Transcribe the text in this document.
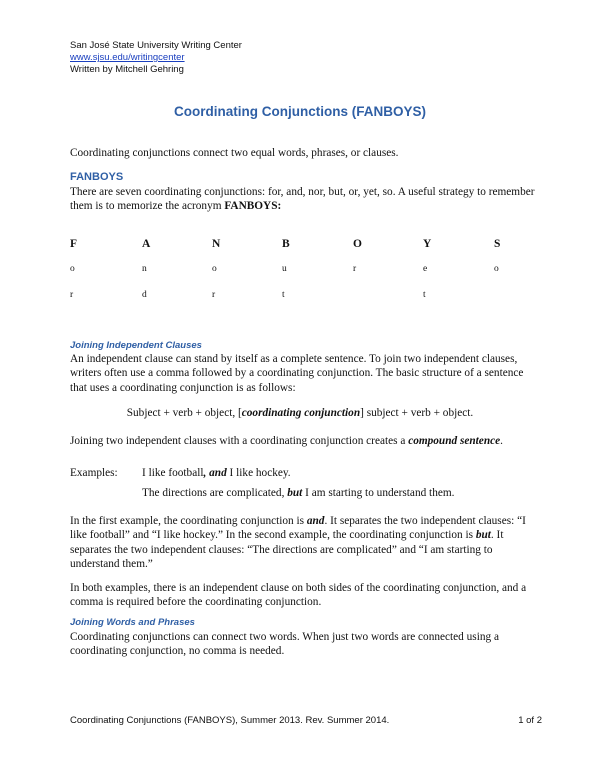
San José State University Writing Center
www.sjsu.edu/writingcenter
Written by Mitchell Gehring
Coordinating Conjunctions (FANBOYS)
Coordinating conjunctions connect two equal words, phrases, or clauses.
FANBOYS
There are seven coordinating conjunctions: for, and, nor, but, or, yet, so. A useful strategy to remember them is to memorize the acronym FANBOYS:
F
o
r
A
n
d
N
o
r
B
u
t
O
r
Y
e
t
S
o
Joining Independent Clauses
An independent clause can stand by itself as a complete sentence. To join two independent clauses, writers often use a comma followed by a coordinating conjunction. The basic structure of a sentence that uses a coordinating conjunction is as follows:
Subject + verb + object, [coordinating conjunction] subject + verb + object.
Joining two independent clauses with a coordinating conjunction creates a compound sentence.
Examples: I like football, and I like hockey.
The directions are complicated, but I am starting to understand them.
In the first example, the coordinating conjunction is and. It separates the two independent clauses: “I like football” and “I like hockey.” In the second example, the coordinating conjunction is but. It separates the two independent clauses: “The directions are complicated” and “I am starting to understand them.”
In both examples, there is an independent clause on both sides of the coordinating conjunction, and a comma is required before the coordinating conjunction.
Joining Words and Phrases
Coordinating conjunctions can connect two words. When just two words are connected using a coordinating conjunction, no comma is needed.
Coordinating Conjunctions (FANBOYS), Summer 2013. Rev. Summer 2014.	1 of 2
